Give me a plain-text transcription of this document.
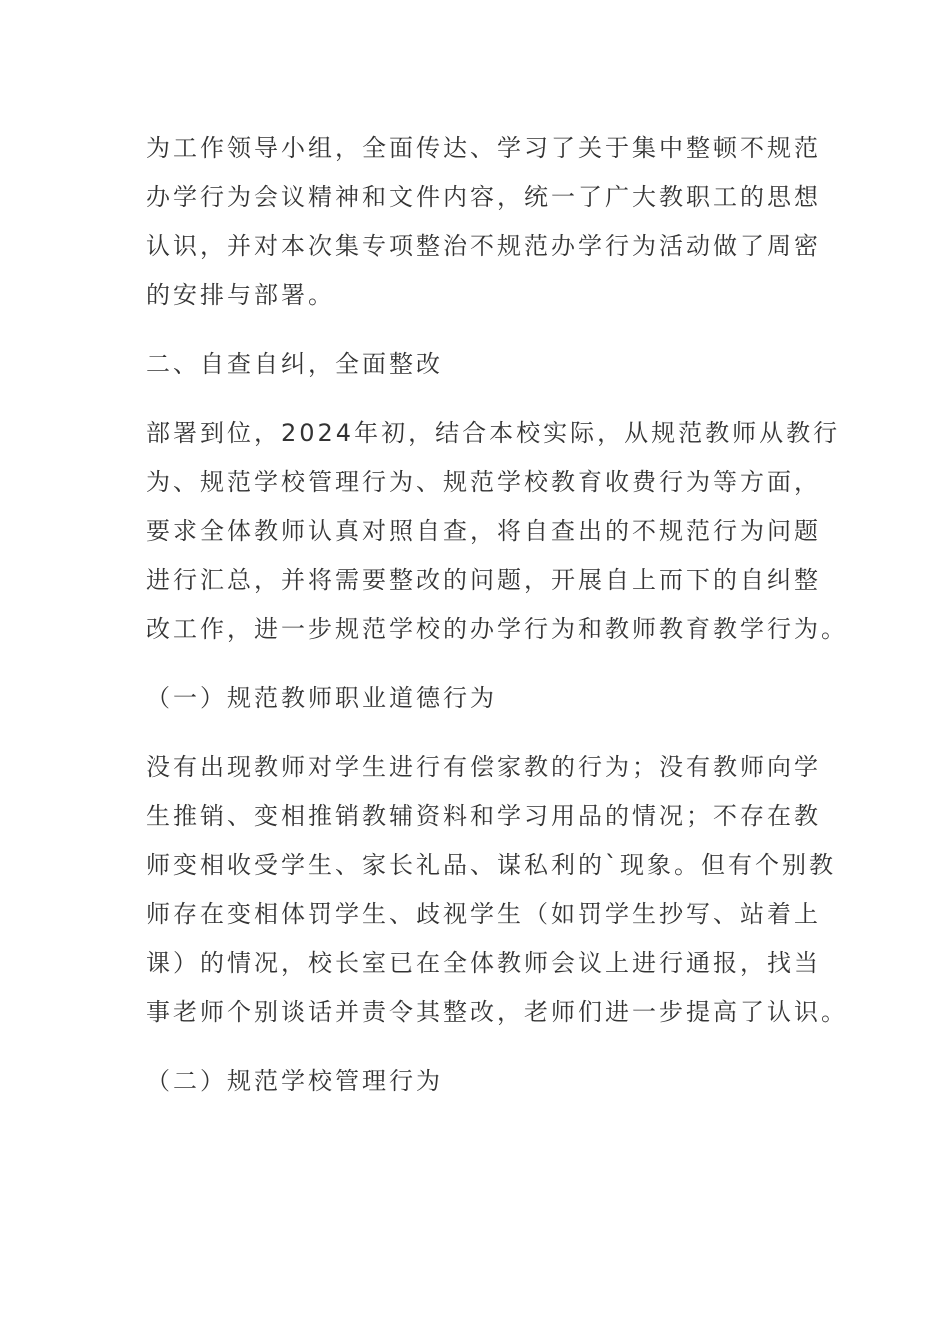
为工作领导小组，全面传达、学习了关于集中整顿不规范
办学行为会议精神和文件内容，统一了广大教职工的思想
认识，并对本次集专项整治不规范办学行为活动做了周密
的安排与部署。
二、自查自纠，全面整改
部署到位，2024年初，结合本校实际，从规范教师从教行
为、规范学校管理行为、规范学校教育收费行为等方面，
要求全体教师认真对照自查，将自查出的不规范行为问题
进行汇总，并将需要整改的问题，开展自上而下的自纠整
改工作，进一步规范学校的办学行为和教师教育教学行为。
（一）规范教师职业道德行为
没有出现教师对学生进行有偿家教的行为；没有教师向学
生推销、变相推销教辅资料和学习用品的情况；不存在教
师变相收受学生、家长礼品、谋私利的`现象。但有个别教
师存在变相体罚学生、歧视学生（如罚学生抄写、站着上
课）的情况，校长室已在全体教师会议上进行通报，找当
事老师个别谈话并责令其整改，老师们进一步提高了认识。
（二）规范学校管理行为
